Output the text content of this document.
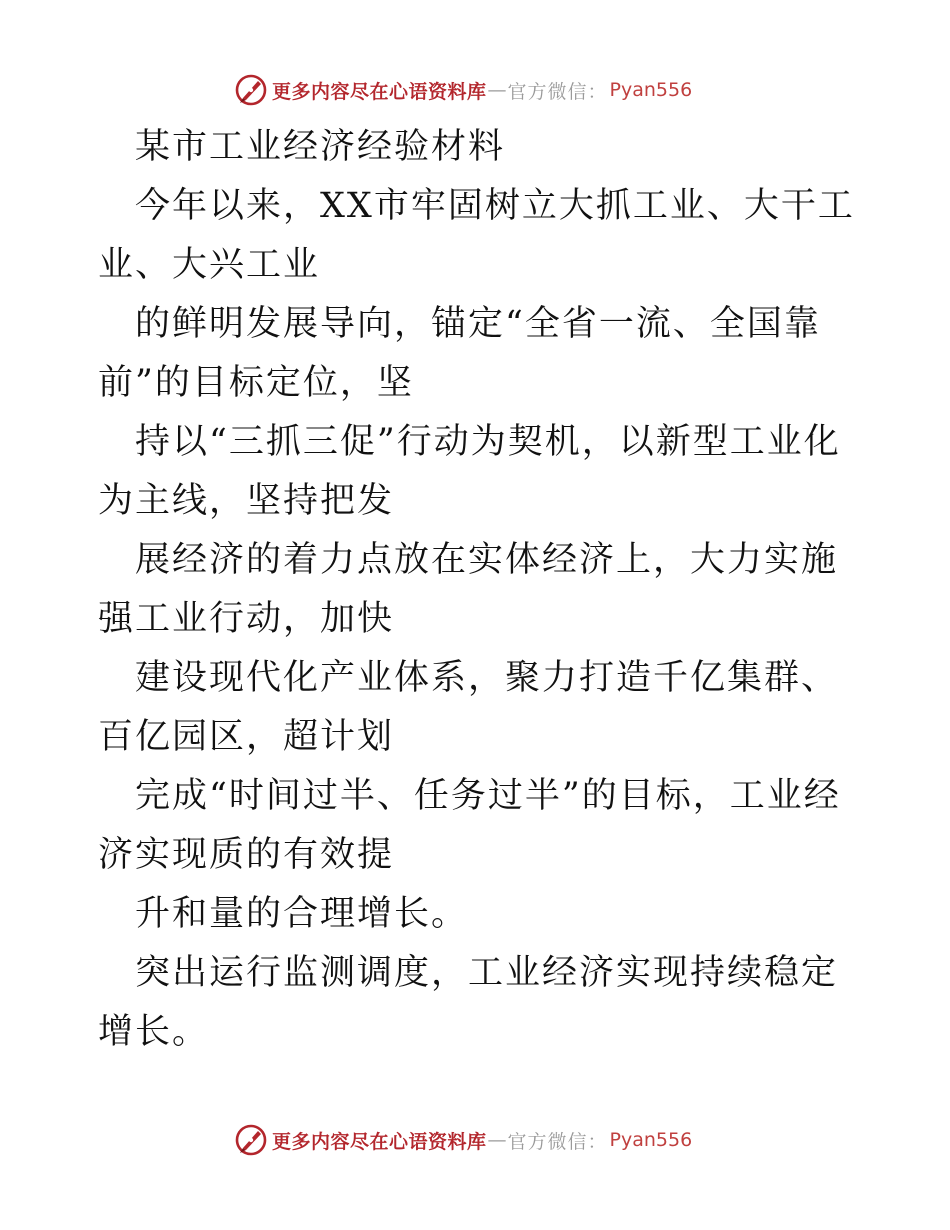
更多内容尽在心语资料库 — 官方微信： Pyan556

某市工业经济经验材料

今年以来，XX市牢固树立大抓工业、大干工业、大兴工业

的鲜明发展导向，锚定“全省一流、全国靠前”的目标定位，坚

持以“三抓三促”行动为契机，以新型工业化为主线，坚持把发

展经济的着力点放在实体经济上，大力实施强工业行动，加快

建设现代化产业体系，聚力打造千亿集群、百亿园区，超计划

完成“时间过半、任务过半”的目标，工业经济实现质的有效提

升和量的合理增长。

突出运行监测调度，工业经济实现持续稳定增长。

更多内容尽在心语资料库 — 官方微信： Pyan556
